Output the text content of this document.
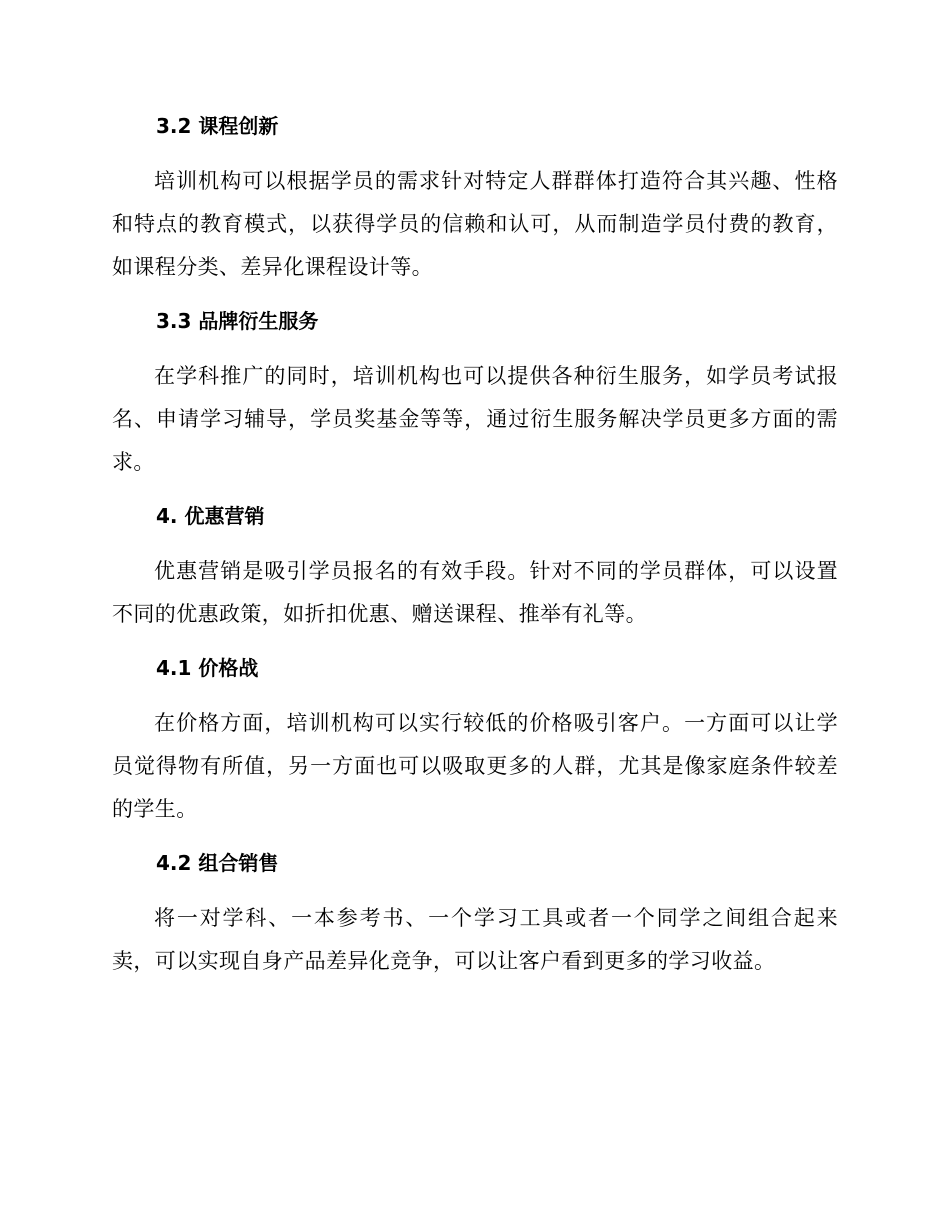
3.2 课程创新

培训机构可以根据学员的需求针对特定人群群体打造符合其兴趣、性格和特点的教育模式，以获得学员的信赖和认可，从而制造学员付费的教育，如课程分类、差异化课程设计等。

3.3 品牌衍生服务

在学科推广的同时，培训机构也可以提供各种衍生服务，如学员考试报名、申请学习辅导，学员奖基金等等，通过衍生服务解决学员更多方面的需求。

4. 优惠营销

优惠营销是吸引学员报名的有效手段。针对不同的学员群体，可以设置不同的优惠政策，如折扣优惠、赠送课程、推举有礼等。

4.1 价格战

在价格方面，培训机构可以实行较低的价格吸引客户。一方面可以让学员觉得物有所值，另一方面也可以吸取更多的人群，尤其是像家庭条件较差的学生。

4.2 组合销售

将一对学科、一本参考书、一个学习工具或者一个同学之间组合起来卖，可以实现自身产品差异化竞争，可以让客户看到更多的学习收益。
